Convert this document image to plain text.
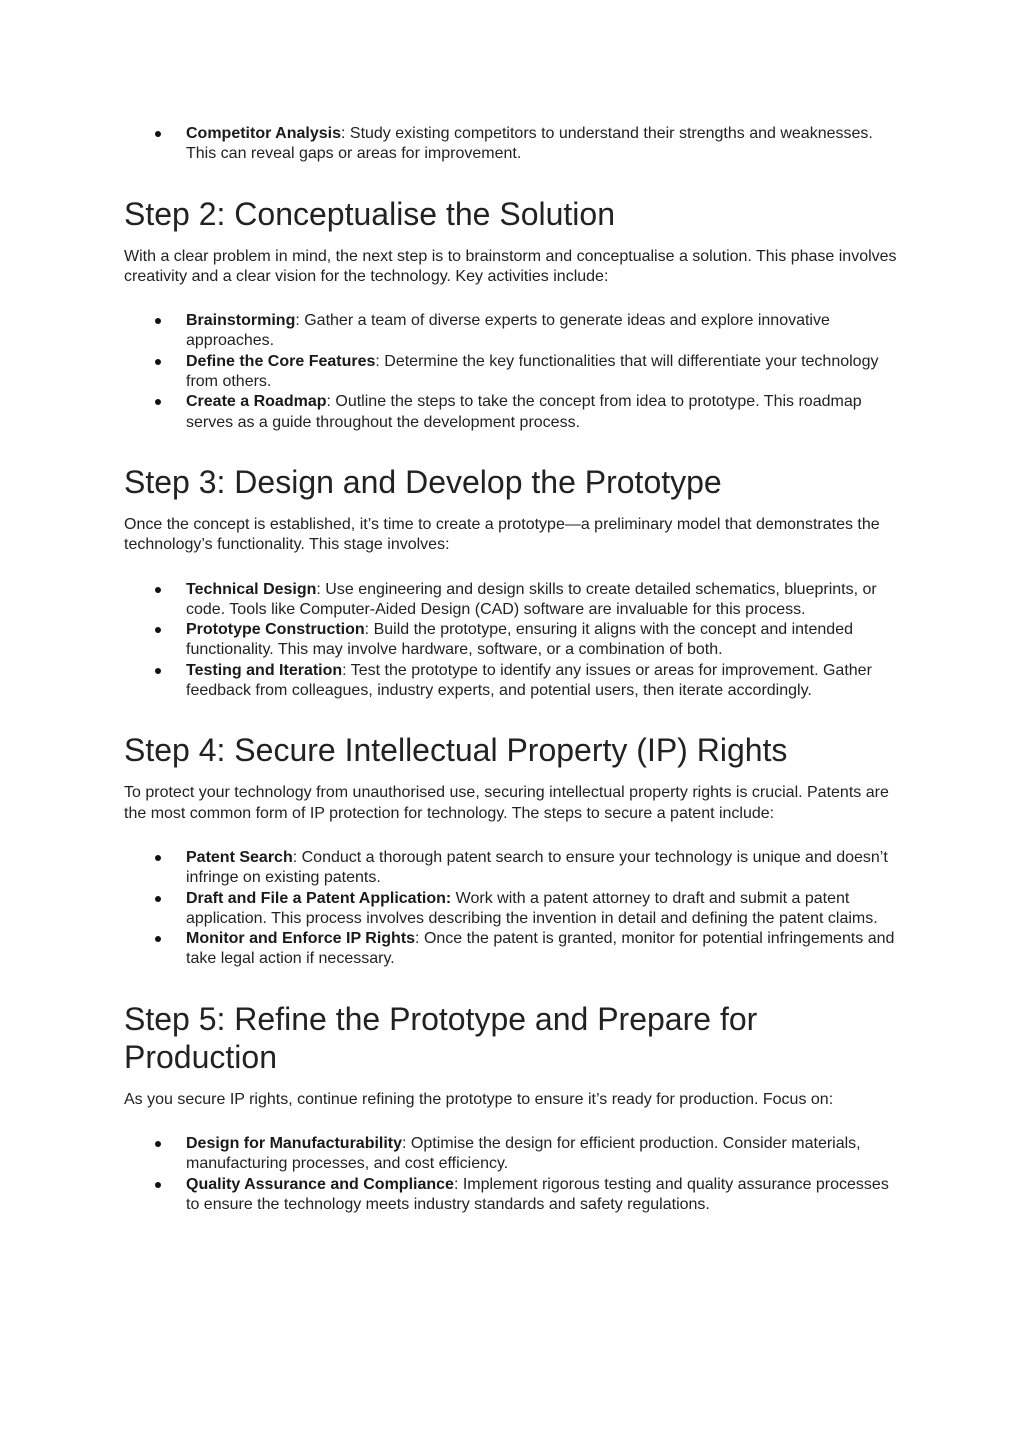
Competitor Analysis: Study existing competitors to understand their strengths and weaknesses. This can reveal gaps or areas for improvement.
Step 2: Conceptualise the Solution

With a clear problem in mind, the next step is to brainstorm and conceptualise a solution. This phase involves creativity and a clear vision for the technology. Key activities include:

Brainstorming: Gather a team of diverse experts to generate ideas and explore innovative approaches.
Define the Core Features: Determine the key functionalities that will differentiate your technology from others.
Create a Roadmap: Outline the steps to take the concept from idea to prototype. This roadmap serves as a guide throughout the development process.
Step 3: Design and Develop the Prototype

Once the concept is established, it’s time to create a prototype—a preliminary model that demonstrates the technology’s functionality. This stage involves:

Technical Design: Use engineering and design skills to create detailed schematics, blueprints, or code. Tools like Computer-Aided Design (CAD) software are invaluable for this process.
Prototype Construction: Build the prototype, ensuring it aligns with the concept and intended functionality. This may involve hardware, software, or a combination of both.
Testing and Iteration: Test the prototype to identify any issues or areas for improvement. Gather feedback from colleagues, industry experts, and potential users, then iterate accordingly.
Step 4: Secure Intellectual Property (IP) Rights

To protect your technology from unauthorised use, securing intellectual property rights is crucial. Patents are the most common form of IP protection for technology. The steps to secure a patent include:

Patent Search: Conduct a thorough patent search to ensure your technology is unique and doesn’t infringe on existing patents.
Draft and File a Patent Application: Work with a patent attorney to draft and submit a patent application. This process involves describing the invention in detail and defining the patent claims.
Monitor and Enforce IP Rights: Once the patent is granted, monitor for potential infringements and take legal action if necessary.
Step 5: Refine the Prototype and Prepare for Production

As you secure IP rights, continue refining the prototype to ensure it’s ready for production. Focus on:

Design for Manufacturability: Optimise the design for efficient production. Consider materials, manufacturing processes, and cost efficiency.
Quality Assurance and Compliance: Implement rigorous testing and quality assurance processes to ensure the technology meets industry standards and safety regulations.
